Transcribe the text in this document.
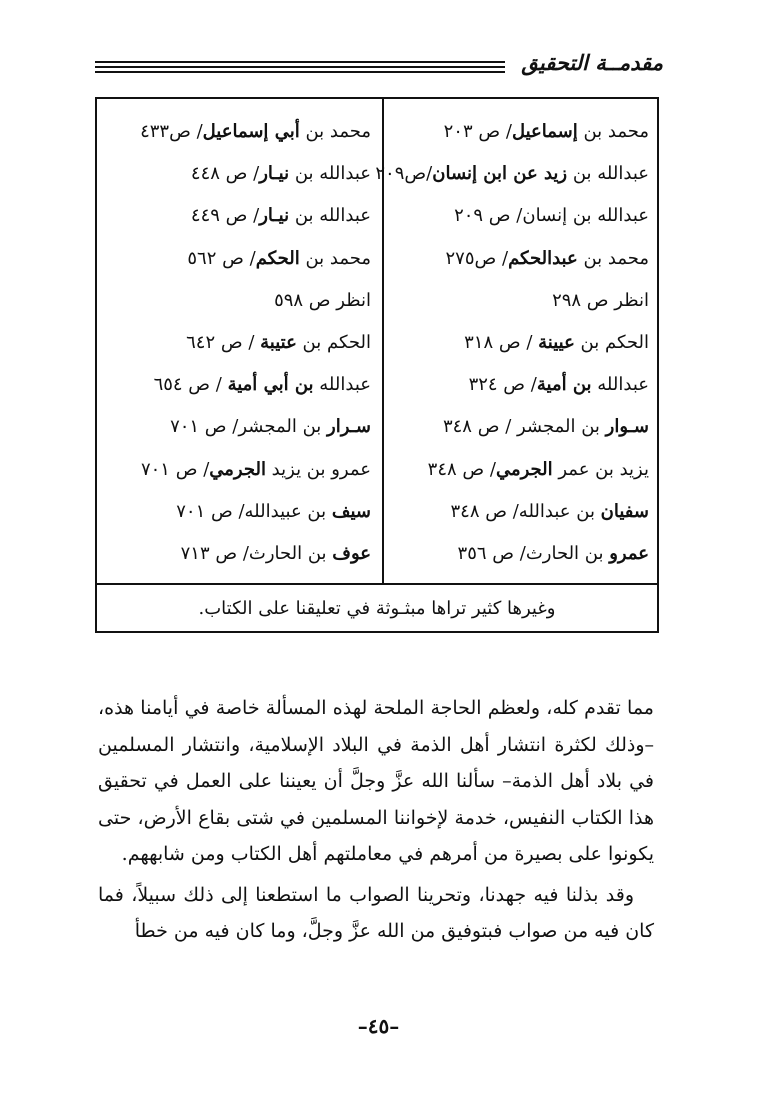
مقدمــة التحقيق
محمد بن إسماعيل/ ص ٢٠٣
عبدالله بن زيد عن ابن إنسان/ص٢٠٩
عبدالله بن إنسان/ ص ٢٠٩
محمد بن عبدالحكم/ ص٢٧٥
انظر ص ٢٩٨
الحكم بن عيينة / ص ٣١٨
عبدالله بن أمية/ ص ٣٢٤
سـوار بن المجشر / ص ٣٤٨
يزيد بن عمر الجرمي/ ص ٣٤٨
سفيان بن عبدالله/ ص ٣٤٨
عمرو بن الحارث/ ص ٣٥٦
محمد بن أبي إسماعيل/ ص٤٣٣
عبدالله بن نيـار/ ص ٤٤٨
عبدالله بن نيـار/ ص ٤٤٩
محمد بن الحكم/ ص ٥٦٢
انظر ص ٥٩٨
الحكم بن عتيبة / ص ٦٤٢
عبدالله بن أبي أمية / ص ٦٥٤
سـرار بن المجشر/ ص ٧٠١
عمرو بن يزيد الجرمي/ ص ٧٠١
سيف بن عبيدالله/ ص ٧٠١
عوف بن الحارث/ ص ٧١٣
وغيرها كثير تراها مبثـوثة في تعليقنا على الكتاب.

مما تقدم كله، ولعظم الحاجة الملحة لهذه المسألة خاصة في أيامنا هذه، –وذلك لكثرة انتشار أهل الذمة في البلاد الإسلامية، وانتشار المسلمين في بلاد أهل الذمة– سألنا الله عزَّ وجلَّ أن يعيننا على العمل في تحقيق هذا الكتاب النفيس، خدمة لإخواننا المسلمين في شتى بقاع الأرض، حتى يكونوا على بصيرة من أمرهم في معاملتهم أهل الكتاب ومن شابههم.

وقد بذلنا فيه جهدنا، وتحرينا الصواب ما استطعنا إلى ذلك سبيلاً، فما كان فيه من صواب فبتوفيق من الله عزَّ وجلَّ، وما كان فيه من خطأ

–٤٥–
